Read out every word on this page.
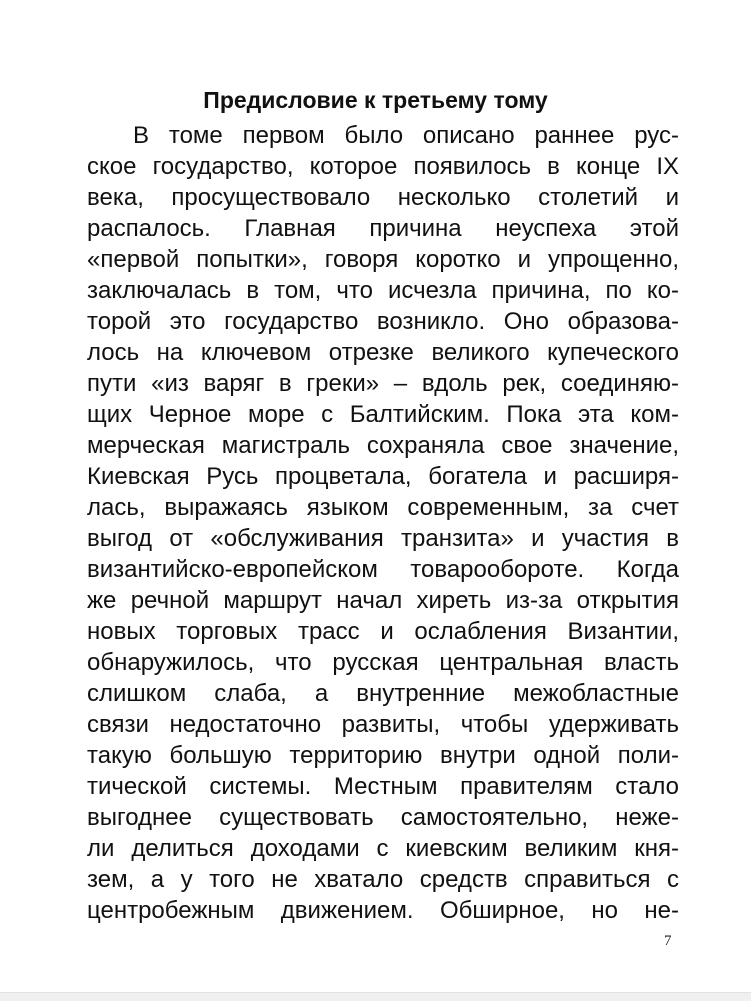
Предисловие к третьему тому
В томе первом было описано раннее рус-
ское государство, которое появилось в конце IX
века, просуществовало несколько столетий и
распалось. Главная причина неуспеха этой
«первой попытки», говоря коротко и упрощенно,
заключалась в том, что исчезла причина, по ко-
торой это государство возникло. Оно образова-
лось на ключевом отрезке великого купеческого
пути «из варяг в греки» – вдоль рек, соединяю-
щих Черное море с Балтийским. Пока эта ком-
мерческая магистраль сохраняла свое значение,
Киевская Русь процветала, богатела и расширя-
лась, выражаясь языком современным, за счет
выгод от «обслуживания транзита» и участия в
византийско-европейском товарообороте. Когда
же речной маршрут начал хиреть из-за открытия
новых торговых трасс и ослабления Византии,
обнаружилось, что русская центральная власть
слишком слаба, а внутренние межобластные
связи недостаточно развиты, чтобы удерживать
такую большую территорию внутри одной поли-
тической системы. Местным правителям стало
выгоднее существовать самостоятельно, неже-
ли делиться доходами с киевским великим кня-
зем, а у того не хватало средств справиться с
центробежным движением. Обширное, но не-
7
